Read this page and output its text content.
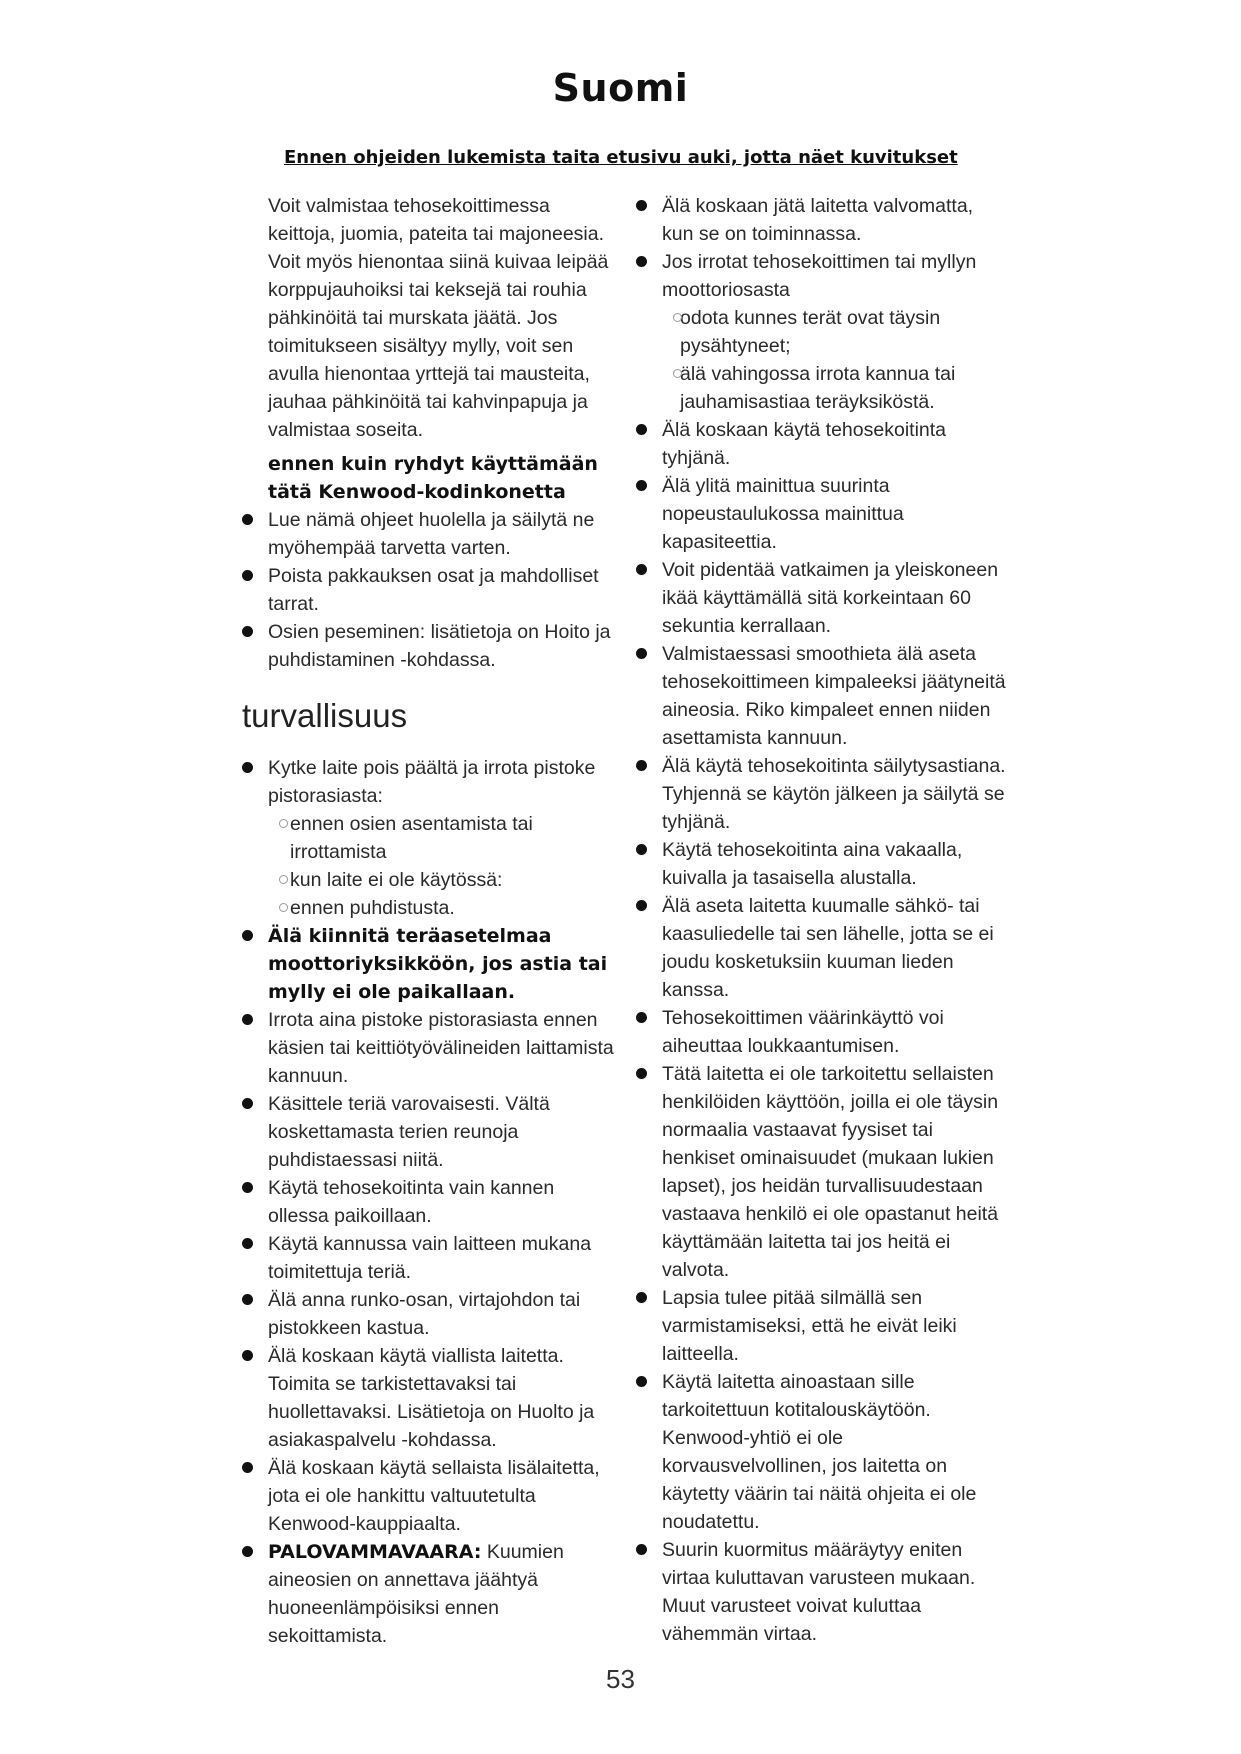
Suomi
Ennen ohjeiden lukemista taita etusivu auki, jotta näet kuvitukset

Voit valmistaa tehosekoittimessa keittoja, juomia, pateita tai majoneesia. Voit myös hienontaa siinä kuivaa leipää korppujauhoiksi tai keksejä tai rouhia pähkinöitä tai murskata jäätä. Jos toimitukseen sisältyy mylly, voit sen avulla hienontaa yrttejä tai mausteita, jauhaa pähkinöitä tai kahvinpapuja ja valmistaa soseita.

ennen kuin ryhdyt käyttämään tätä Kenwood-kodinkonetta

Lue nämä ohjeet huolella ja säilytä ne myöhempää tarvetta varten.

Poista pakkauksen osat ja mahdolliset tarrat.

Osien peseminen: lisätietoja on Hoito ja puhdistaminen -kohdassa.

turvallisuus

Kytke laite pois päältä ja irrota pistoke pistorasiasta:

ennen osien asentamista tai irrottamista

kun laite ei ole käytössä:

ennen puhdistusta.

Älä kiinnitä teräasetelmaa moottoriyksikköön, jos astia tai mylly ei ole paikallaan.

Irrota aina pistoke pistorasiasta ennen käsien tai keittiötyövälineiden laittamista kannuun.

Käsittele teriä varovaisesti. Vältä koskettamasta terien reunoja puhdistaessasi niitä.

Käytä tehosekoitinta vain kannen ollessa paikoillaan.

Käytä kannussa vain laitteen mukana toimitettuja teriä.

Älä anna runko-osan, virtajohdon tai pistokkeen kastua.

Älä koskaan käytä viallista laitetta. Toimita se tarkistettavaksi tai huollettavaksi. Lisätietoja on Huolto ja asiakaspalvelu -kohdassa.

Älä koskaan käytä sellaista lisälaitetta, jota ei ole hankittu valtuutetulta Kenwood-kauppiaalta.

PALOVAMMAVAARA: Kuumien aineosien on annettava jäähtyä huoneenlämpöisiksi ennen sekoittamista.

Älä koskaan jätä laitetta valvomatta, kun se on toiminnassa.

Jos irrotat tehosekoittimen tai myllyn moottoriosasta

odota kunnes terät ovat täysin pysähtyneet;

älä vahingossa irrota kannua tai jauhamisastiaa teräyksiköstä.

Älä koskaan käytä tehosekoitinta tyhjänä.

Älä ylitä mainittua suurinta nopeustaulukossa mainittua kapasiteettia.

Voit pidentää vatkaimen ja yleiskoneen ikää käyttämällä sitä korkeintaan 60 sekuntia kerrallaan.

Valmistaessasi smoothieta älä aseta tehosekoittimeen kimpaleeksi jäätyneitä aineosia. Riko kimpaleet ennen niiden asettamista kannuun.

Älä käytä tehosekoitinta säilytysastiana. Tyhjennä se käytön jälkeen ja säilytä se tyhjänä.

Käytä tehosekoitinta aina vakaalla, kuivalla ja tasaisella alustalla.

Älä aseta laitetta kuumalle sähkö- tai kaasuliedelle tai sen lähelle, jotta se ei joudu kosketuksiin kuuman lieden kanssa.

Tehosekoittimen väärinkäyttö voi aiheuttaa loukkaantumisen.

Tätä laitetta ei ole tarkoitettu sellaisten henkilöiden käyttöön, joilla ei ole täysin normaalia vastaavat fyysiset tai henkiset ominaisuudet (mukaan lukien lapset), jos heidän turvallisuudestaan vastaava henkilö ei ole opastanut heitä käyttämään laitetta tai jos heitä ei valvota.

Lapsia tulee pitää silmällä sen varmistamiseksi, että he eivät leiki laitteella.

Käytä laitetta ainoastaan sille tarkoitettuun kotitalouskäytöön. Kenwood-yhtiö ei ole korvausvelvollinen, jos laitetta on käytetty väärin tai näitä ohjeita ei ole noudatettu.

Suurin kuormitus määräytyy eniten virtaa kuluttavan varusteen mukaan. Muut varusteet voivat kuluttaa vähemmän virtaa.

53
